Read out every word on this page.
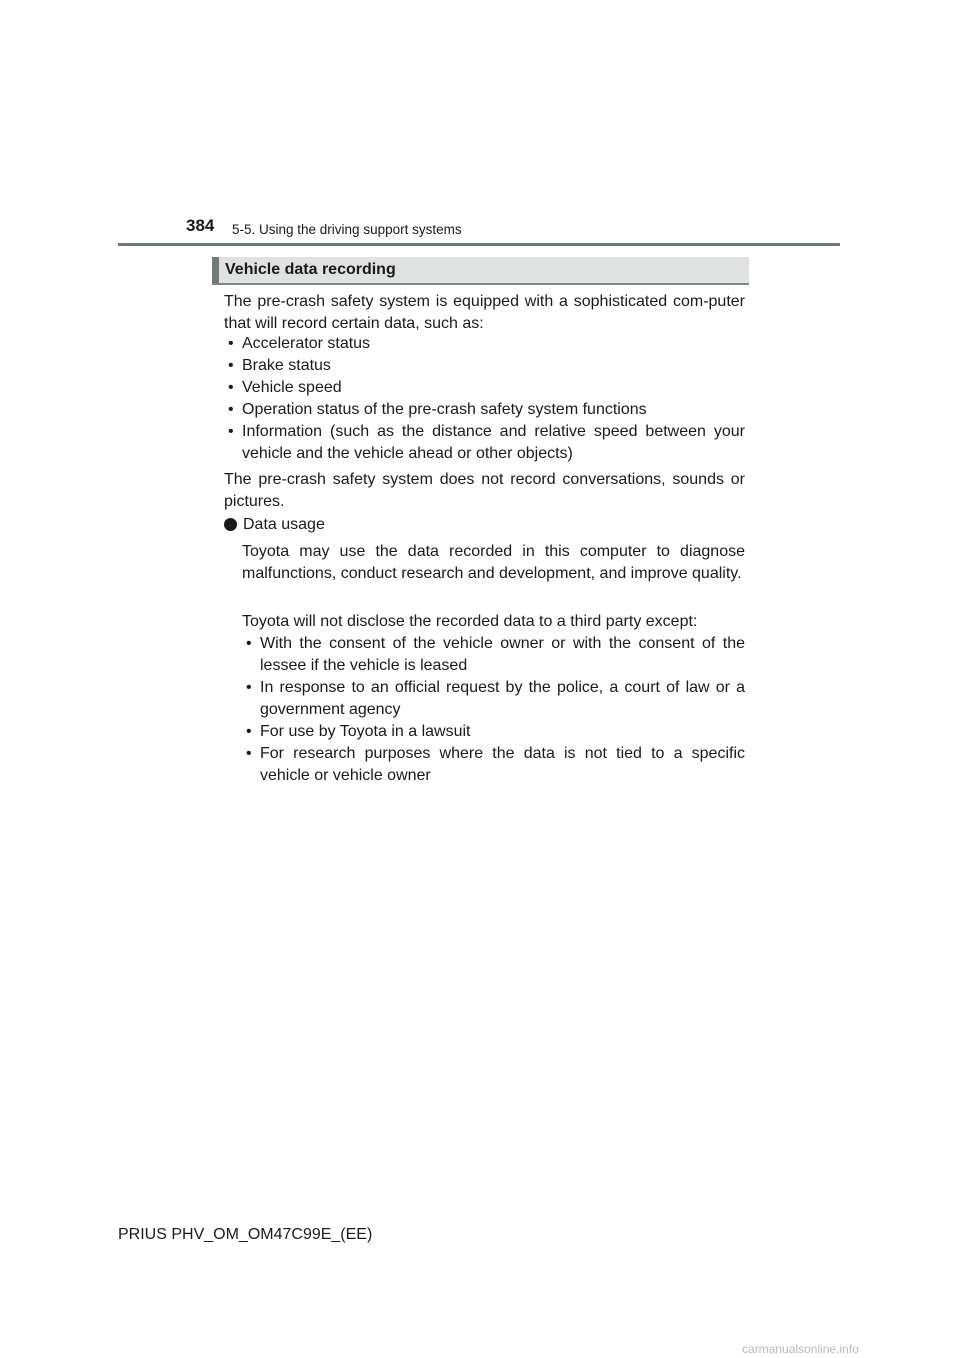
384 5-5. Using the driving support systems
Vehicle data recording
The pre-crash safety system is equipped with a sophisticated com-puter that will record certain data, such as:
• Accelerator status
• Brake status
• Vehicle speed
• Operation status of the pre-crash safety system functions
• Information (such as the distance and relative speed between your vehicle and the vehicle ahead or other objects)
The pre-crash safety system does not record conversations, sounds or pictures.
Data usage
Toyota may use the data recorded in this computer to diagnose malfunctions, conduct research and development, and improve quality.
Toyota will not disclose the recorded data to a third party except:
• With the consent of the vehicle owner or with the consent of the lessee if the vehicle is leased
• In response to an official request by the police, a court of law or a government agency
• For use by Toyota in a lawsuit
• For research purposes where the data is not tied to a specific vehicle or vehicle owner
PRIUS PHV_OM_OM47C99E_(EE)
carmanualsonline.info
